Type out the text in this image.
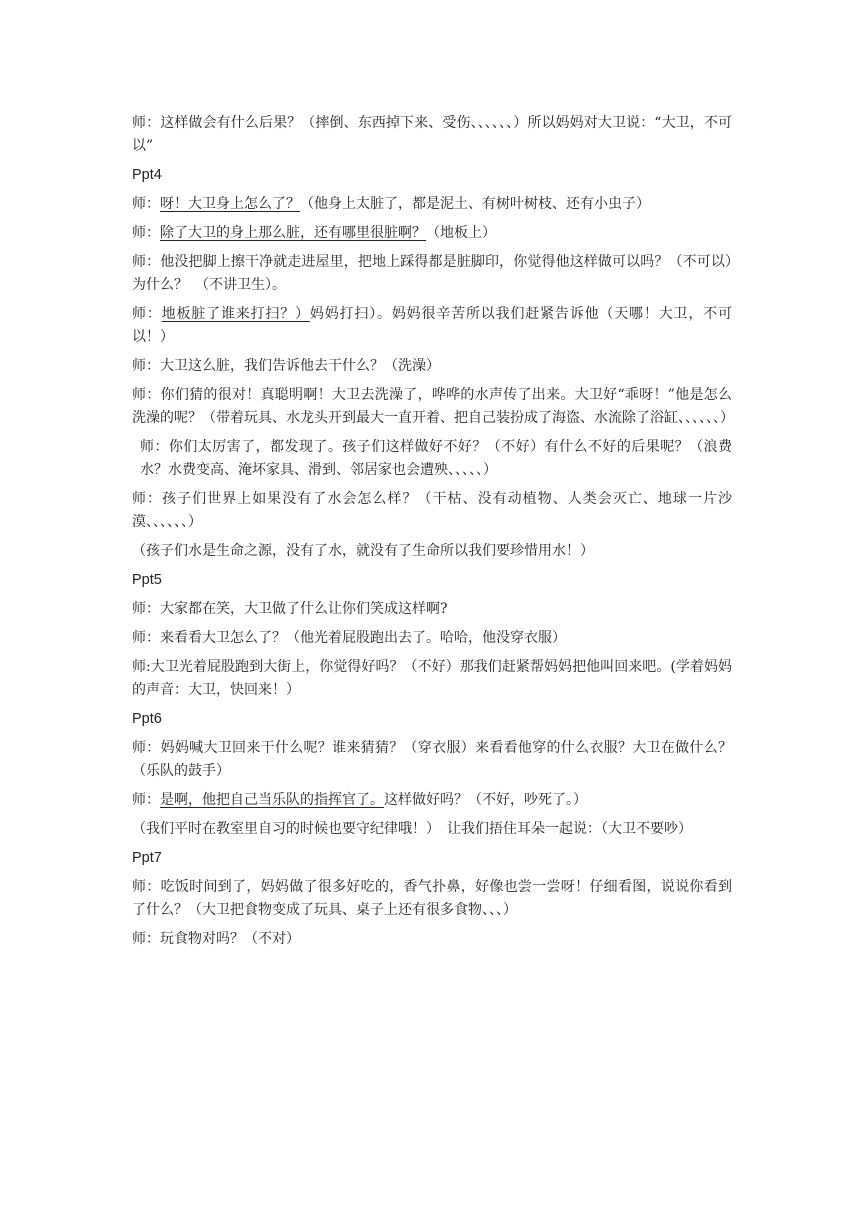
师：这样做会有什么后果？（摔倒、东西掉下来、受伤、、、、、、）所以妈妈对大卫说：“大卫，不可以”

Ppt4

师：呀！大卫身上怎么了？（他身上太脏了，都是泥土、有树叶树枝、还有小虫子）

师：除了大卫的身上那么脏，还有哪里很脏啊？（地板上）

师：他没把脚上擦干净就走进屋里，把地上踩得都是脏脚印，你觉得他这样做可以吗？（不可以）为什么？　（不讲卫生）。

师：地板脏了谁来打扫？）妈妈打扫）。妈妈很辛苦所以我们赶紧告诉他（天哪！大卫，不可以！）

师：大卫这么脏，我们告诉他去干什么？（洗澡）

师：你们猜的很对！真聪明啊！大卫去洗澡了，哗哗的水声传了出来。大卫好“乖呀！”他是怎么洗澡的呢？（带着玩具、水龙头开到最大一直开着、把自己装扮成了海盗、水流除了浴缸、、、、、、）

师：你们太厉害了，都发现了。孩子们这样做好不好？（不好）有什么不好的后果呢？（浪费水？水费变高、淹坏家具、滑到、邻居家也会遭殃、、、、、）

师：孩子们世界上如果没有了水会怎么样？（干枯、没有动植物、人类会灭亡、地球一片沙漠、、、、、、）

（孩子们水是生命之源，没有了水，就没有了生命所以我们要珍惜用水！）

Ppt5

师：大家都在笑，大卫做了什么让你们笑成这样啊?

师：来看看大卫怎么了？（他光着屁股跑出去了。哈哈，他没穿衣服）

师:大卫光着屁股跑到大街上，你觉得好吗？（不好）那我们赶紧帮妈妈把他叫回来吧。(学着妈妈的声音：大卫，快回来！）

Ppt6

师：妈妈喊大卫回来干什么呢？谁来猜猜？（穿衣服）来看看他穿的什么衣服？大卫在做什么？（乐队的鼓手）

师：是啊，他把自己当乐队的指挥官了。这样做好吗？（不好，吵死了。）

（我们平时在教室里自习的时候也要守纪律哦！）　让我们捂住耳朵一起说：（大卫不要吵）

Ppt7

师：吃饭时间到了，妈妈做了很多好吃的，香气扑鼻，好像也尝一尝呀！仔细看图，说说你看到了什么？（大卫把食物变成了玩具、桌子上还有很多食物、、、）

师：玩食物对吗？（不对）
